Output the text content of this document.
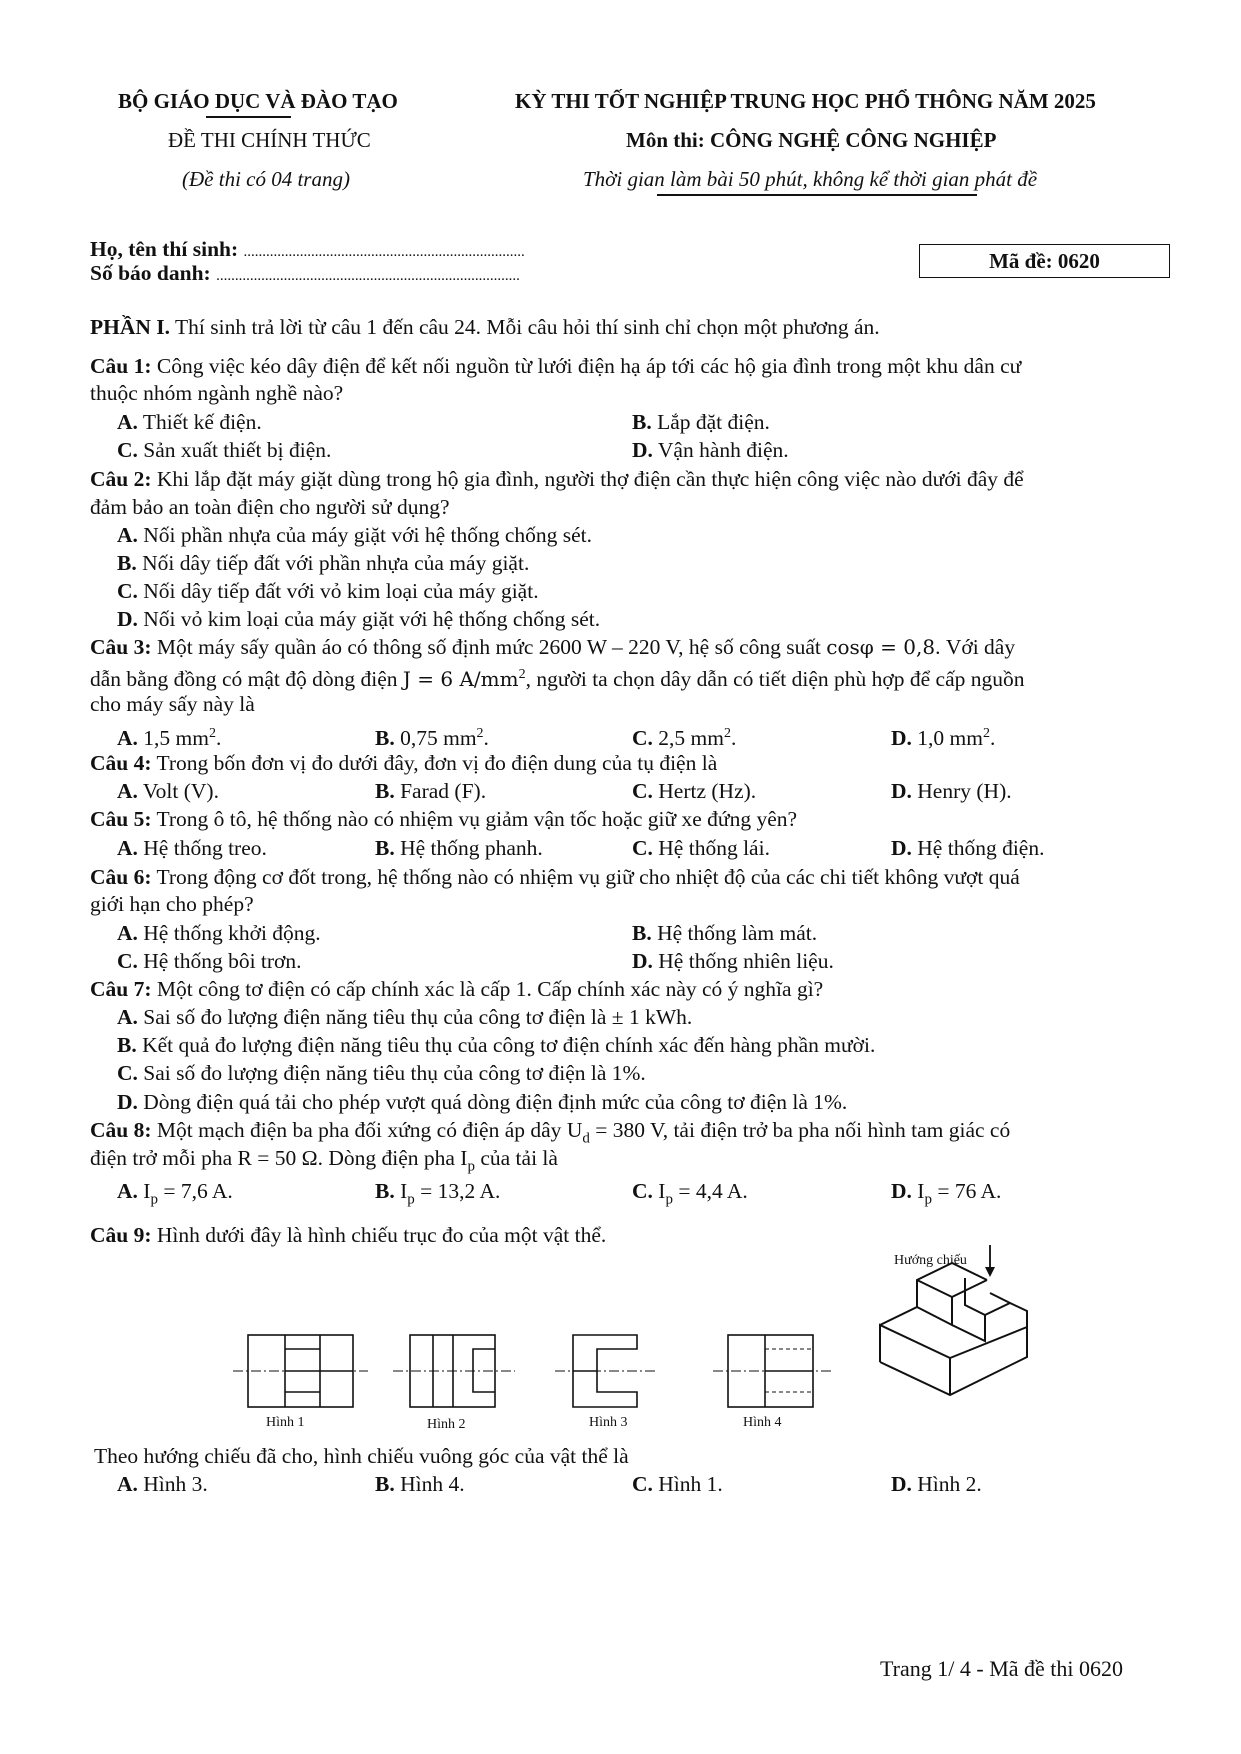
BỘ GIÁO DỤC VÀ ĐÀO TẠO
ĐỀ THI CHÍNH THỨC
(Đề thi có 04 trang)
KỲ THI TỐT NGHIỆP TRUNG HỌC PHỔ THÔNG NĂM 2025
Môn thi: CÔNG NGHỆ CÔNG NGHIỆP
Thời gian làm bài 50 phút, không kể thời gian phát đề
Họ, tên thí sinh: ...........................................................................
Số báo danh: .................................................................................
Mã đề: 0620
PHẦN I. Thí sinh trả lời từ câu 1 đến câu 24. Mỗi câu hỏi thí sinh chỉ chọn một phương án.
Câu 1: Công việc kéo dây điện để kết nối nguồn từ lưới điện hạ áp tới các hộ gia đình trong một khu dân cư
thuộc nhóm ngành nghề nào?
A. Thiết kế điện.	B. Lắp đặt điện.
C. Sản xuất thiết bị điện.	D. Vận hành điện.
Câu 2: Khi lắp đặt máy giặt dùng trong hộ gia đình, người thợ điện cần thực hiện công việc nào dưới đây để
đảm bảo an toàn điện cho người sử dụng?
A. Nối phần nhựa của máy giặt với hệ thống chống sét.
B. Nối dây tiếp đất với phần nhựa của máy giặt.
C. Nối dây tiếp đất với vỏ kim loại của máy giặt.
D. Nối vỏ kim loại của máy giặt với hệ thống chống sét.
Câu 3: Một máy sấy quần áo có thông số định mức 2600 W – 220 V, hệ số công suất cosφ = 0,8. Với dây
dẫn bằng đồng có mật độ dòng điện J = 6 $A/mm^2$, người ta chọn dây dẫn có tiết diện phù hợp để cấp nguồn
cho máy sấy này là
A. 1,5 $mm^2$.	B. 0,75 $mm^2$.	C. 2,5 $mm^2$.	D. 1,0 $mm^2$.
Câu 4: Trong bốn đơn vị đo dưới đây, đơn vị đo điện dung của tụ điện là
A. Volt (V).	B. Farad (F).	C. Hertz (Hz).	D. Henry (H).
Câu 5: Trong ô tô, hệ thống nào có nhiệm vụ giảm vận tốc hoặc giữ xe đứng yên?
A. Hệ thống treo.	B. Hệ thống phanh.	C. Hệ thống lái.	D. Hệ thống điện.
Câu 6: Trong động cơ đốt trong, hệ thống nào có nhiệm vụ giữ cho nhiệt độ của các chi tiết không vượt quá
giới hạn cho phép?
A. Hệ thống khởi động.	B. Hệ thống làm mát.
C. Hệ thống bôi trơn.	D. Hệ thống nhiên liệu.
Câu 7: Một công tơ điện có cấp chính xác là cấp 1. Cấp chính xác này có ý nghĩa gì?
A. Sai số đo lượng điện năng tiêu thụ của công tơ điện là ± 1 kWh.
B. Kết quả đo lượng điện năng tiêu thụ của công tơ điện chính xác đến hàng phần mười.
C. Sai số đo lượng điện năng tiêu thụ của công tơ điện là 1%.
D. Dòng điện quá tải cho phép vượt quá dòng điện định mức của công tơ điện là 1%.
Câu 8: Một mạch điện ba pha đối xứng có điện áp dây $U_d = 380$ V, tải điện trở ba pha nối hình tam giác có
điện trở mỗi pha R = 50 Ω. Dòng điện pha $I_p$ của tải là
A. $I_p = 7,6$ A.	B. $I_p = 13,2$ A.	C. $I_p = 4,4$ A.	D. $I_p = 76$ A.
Câu 9: Hình dưới đây là hình chiếu trục đo của một vật thể.
Hướng chiếu
Hình 1	Hình 2	Hình 3	Hình 4
Theo hướng chiếu đã cho, hình chiếu vuông góc của vật thể là
A. Hình 3.	B. Hình 4.	C. Hình 1.	D. Hình 2.
Trang 1/ 4 - Mã đề thi 0620
